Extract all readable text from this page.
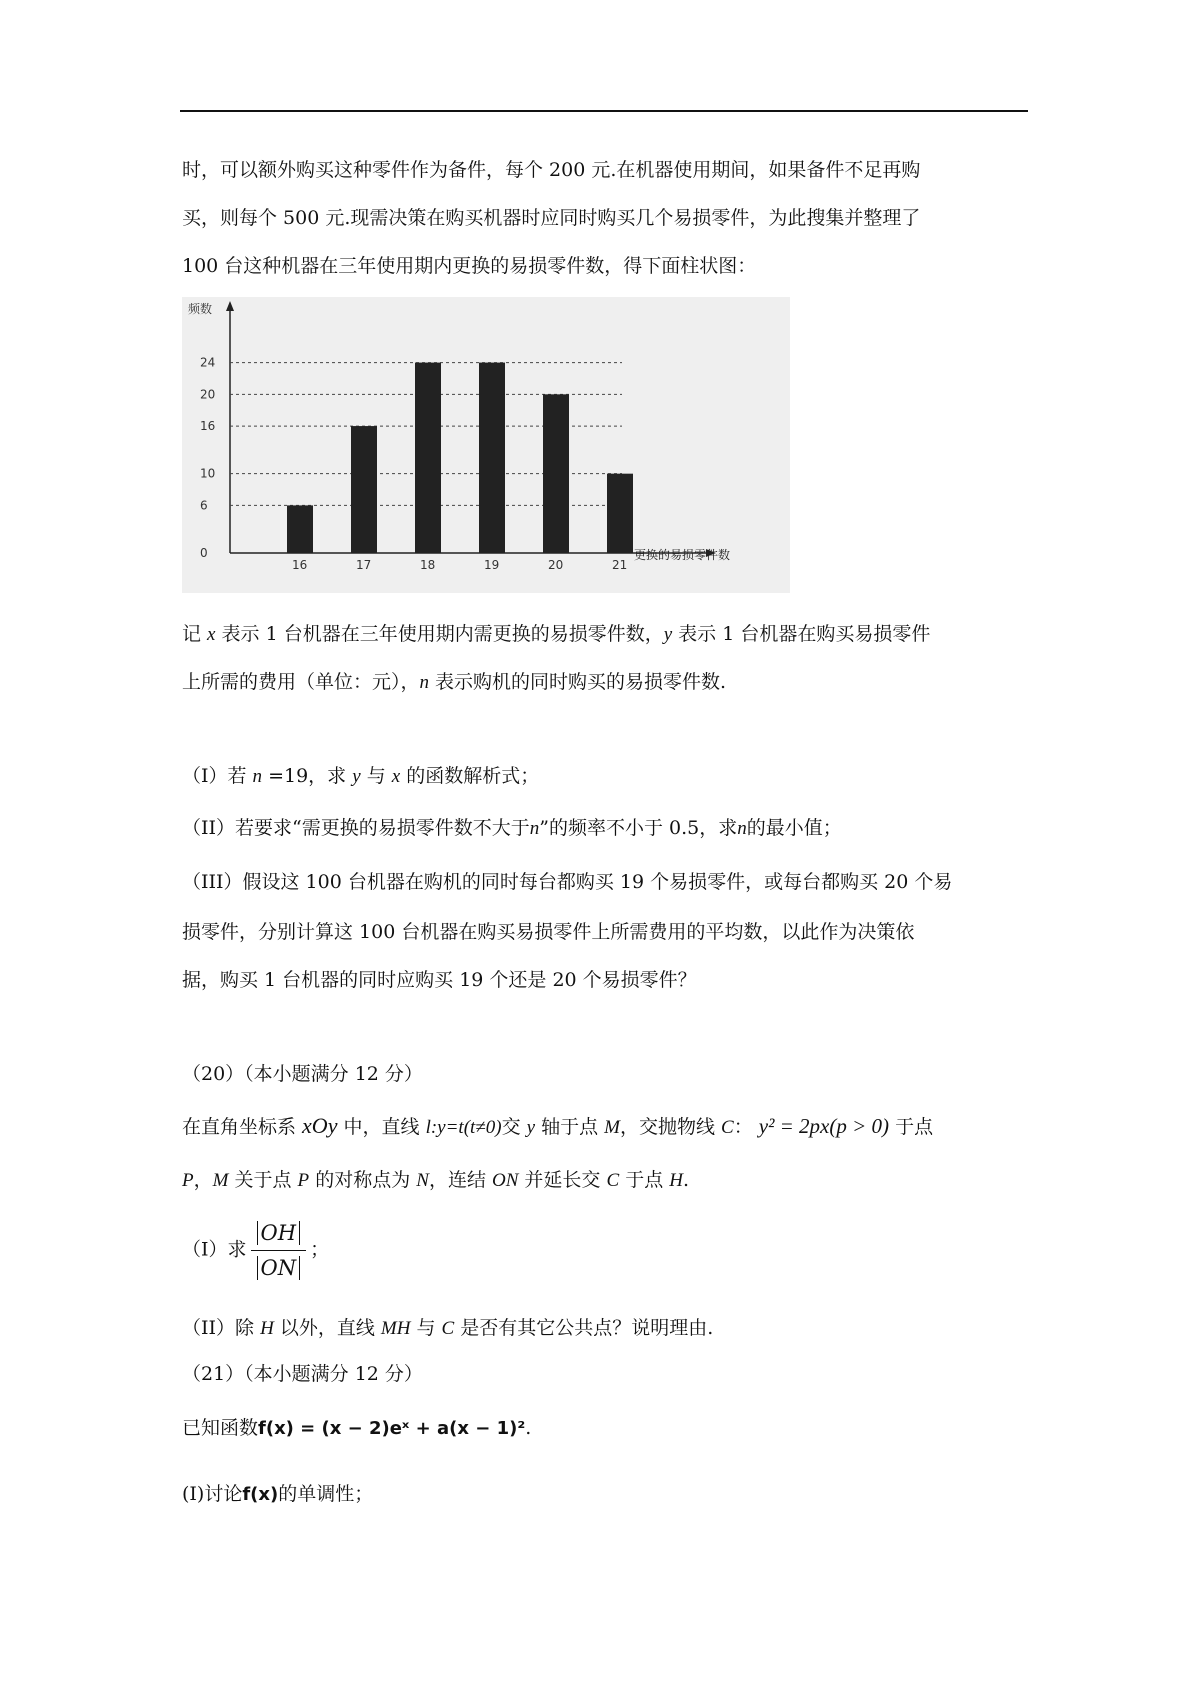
时，可以额外购买这种零件作为备件，每个 200 元.在机器使用期间，如果备件不足再购
买，则每个 500 元.现需决策在购买机器时应同时购买几个易损零件，为此搜集并整理了
100 台这种机器在三年使用期内更换的易损零件数，得下面柱状图：
频数
更换的易损零件数
0
6
10
16
20
24
16	17	18	19	20	21
记 x 表示 1 台机器在三年使用期内需更换的易损零件数，y 表示 1 台机器在购买易损零件
上所需的费用（单位：元），n 表示购机的同时购买的易损零件数.
（I）若 n =19，求 y 与 x 的函数解析式；
（II）若要求“需更换的易损零件数不大于n”的频率不小于 0.5，求n的最小值；
（III）假设这 100 台机器在购机的同时每台都购买 19 个易损零件，或每台都购买 20 个易
损零件，分别计算这 100 台机器在购买易损零件上所需费用的平均数，以此作为决策依
据，购买 1 台机器的同时应购买 19 个还是 20 个易损零件？
（20）（本小题满分 12 分）
在直角坐标系 xOy 中，直线 l:y=t(t≠0)交 y 轴于点 M，交抛物线 C： y² = 2px(p > 0) 于点
P，M 关于点 P 的对称点为 N，连结 ON 并延长交 C 于点 H.
（I）求 $\frac{OH}{ON}$ ；
（II）除 H 以外，直线 MH 与 C 是否有其它公共点？说明理由.
（21）（本小题满分 12 分）
已知函数f(x) = (x − 2)eˣ + a(x − 1)².
(I)讨论f(x)的单调性；
